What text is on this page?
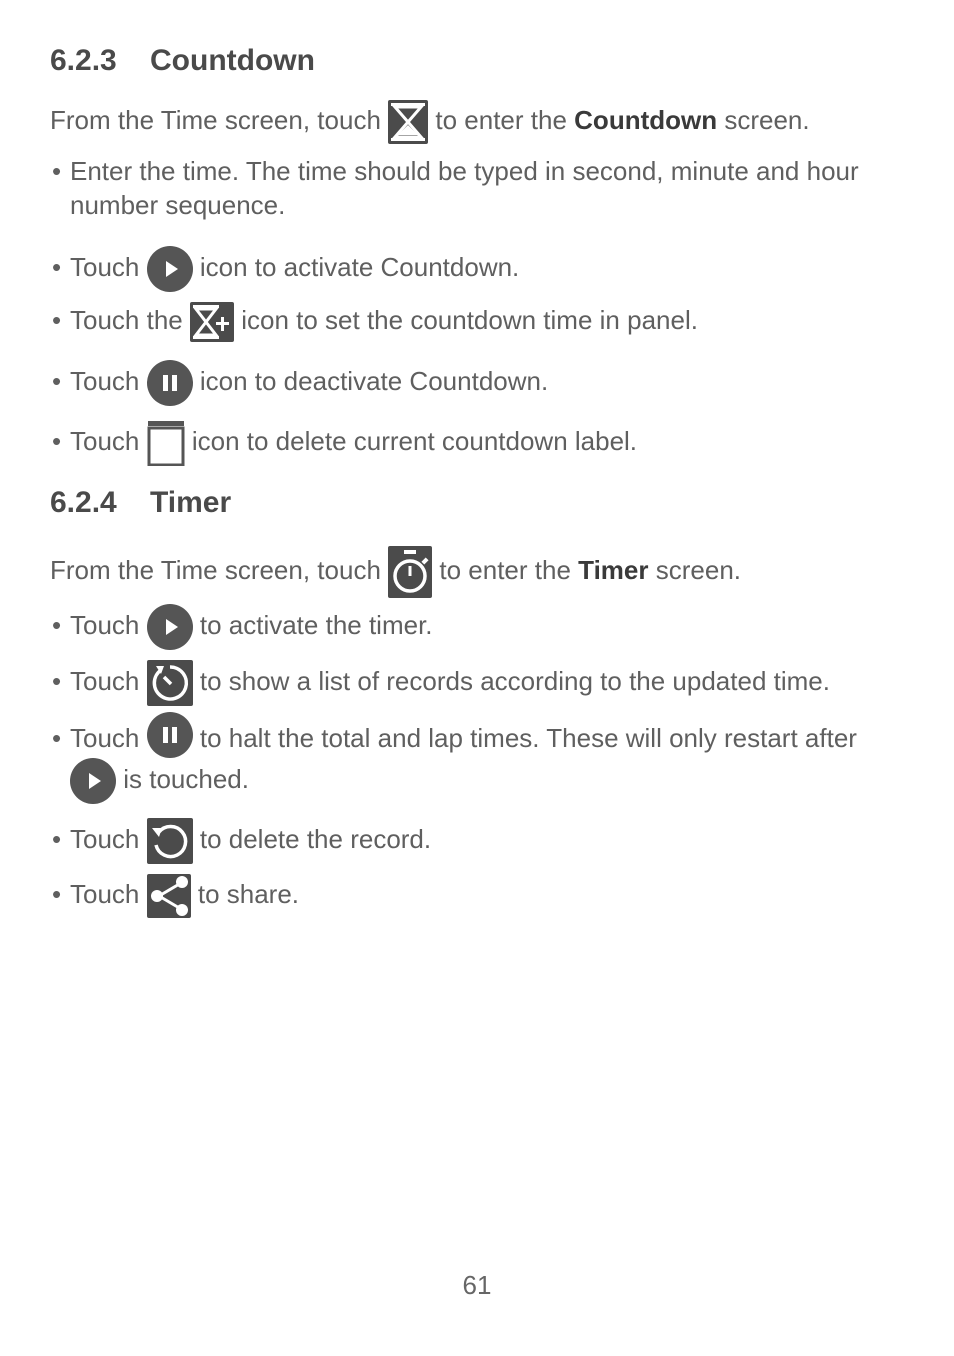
6.2.3 Countdown
From the Time screen, touch to enter the Countdown screen.
• Enter the time. The time should be typed in second, minute and hour
number sequence.
• Touch icon to activate Countdown.
• Touch the icon to set the countdown time in panel.
• Touch icon to deactivate Countdown.
• Touch icon to delete current countdown label.
6.2.4 Timer
From the Time screen, touch to enter the Timer screen.
• Touch to activate the timer.
• Touch to show a list of records according to the updated time.
• Touch to halt the total and lap times. These will only restart after
is touched.
• Touch to delete the record.
• Touch to share.
61
